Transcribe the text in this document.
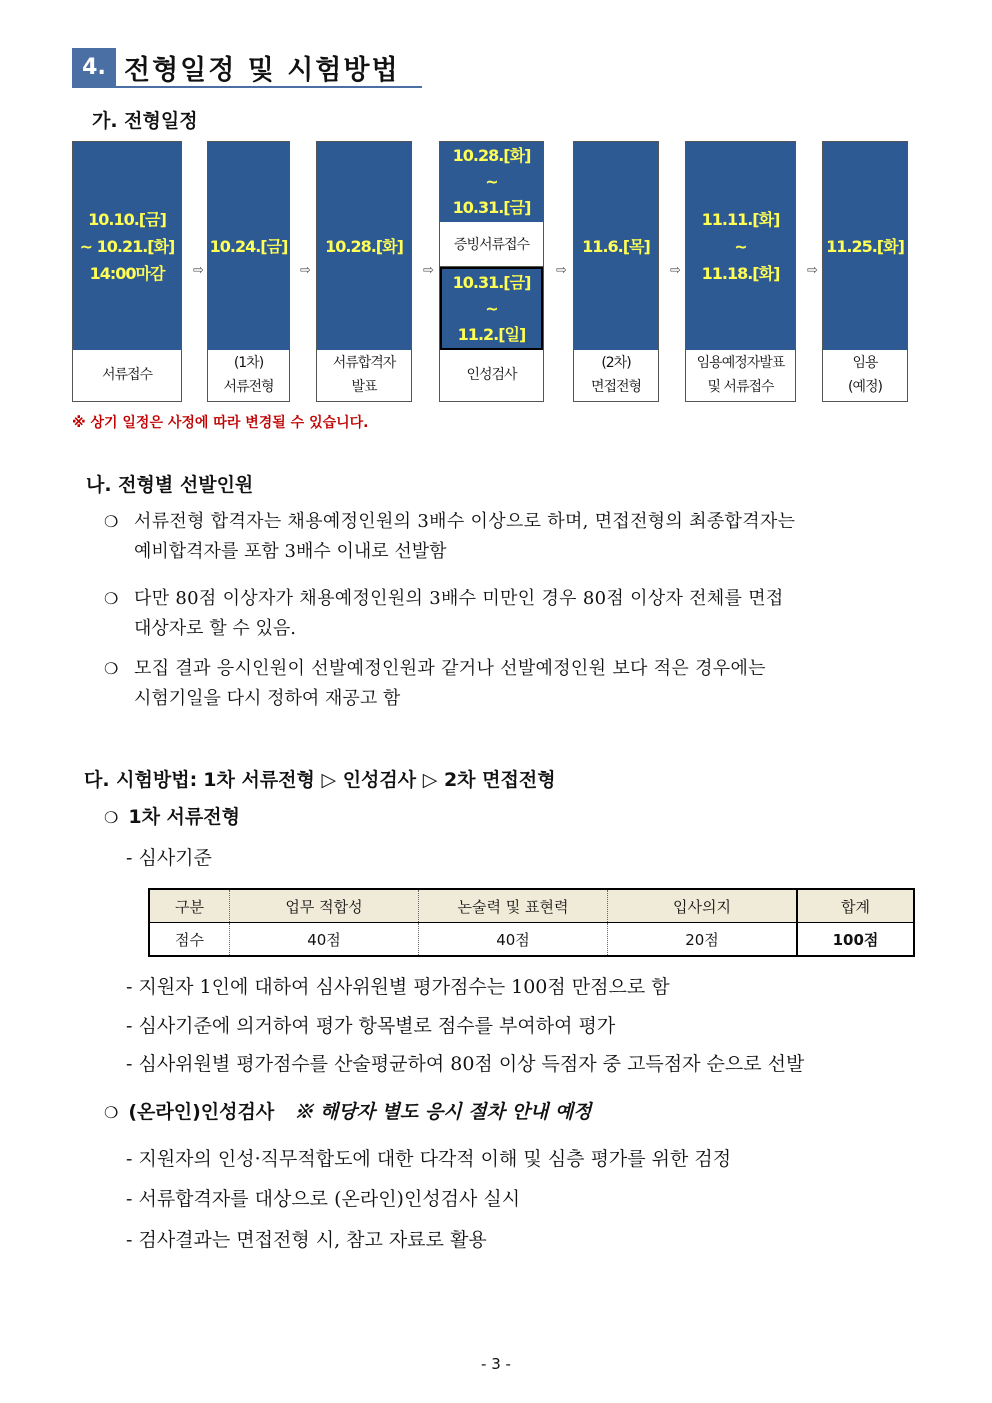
4. 전형일정 및 시험방법
가. 전형일정
10.10.[금]
~ 10.21.[화]
14:00마감
서류접수
⇨
10.24.[금]
(1차)
서류전형
⇨
10.28.[화]
서류합격자
발표
⇨
10.28.[화]
~
10.31.[금]
증빙서류접수
10.31.[금]
~
11.2.[일]
인성검사
⇨
11.6.[목]
(2차)
면접전형
⇨
11.11.[화]
~
11.18.[화]
임용예정자발표
및 서류접수
⇨
11.25.[화]
임용
(예정)
※ 상기 일정은 사정에 따라 변경될 수 있습니다.
나. 전형별 선발인원
❍ 서류전형 합격자는 채용예정인원의 3배수 이상으로 하며, 면접전형의 최종합격자는
예비합격자를 포함 3배수 이내로 선발함
❍ 다만 80점 이상자가 채용예정인원의 3배수 미만인 경우 80점 이상자 전체를 면접
대상자로 할 수 있음.
❍ 모집 결과 응시인원이 선발예정인원과 같거나 선발예정인원 보다 적은 경우에는
시험기일을 다시 정하여 재공고 함
다. 시험방법: 1차 서류전형 ▷ 인성검사 ▷ 2차 면접전형
❍ 1차 서류전형
- 심사기준
구분	업무 적합성	논술력 및 표현력	입사의지	합계
점수	40점	40점	20점	100점
- 지원자 1인에 대하여 심사위원별 평가점수는 100점 만점으로 함
- 심사기준에 의거하여 평가 항목별로 점수를 부여하여 평가
- 심사위원별 평가점수를 산술평균하여 80점 이상 득점자 중 고득점자 순으로 선발
❍ (온라인)인성검사 ※ 해당자 별도 응시 절차 안내 예정
- 지원자의 인성·직무적합도에 대한 다각적 이해 및 심층 평가를 위한 검정
- 서류합격자를 대상으로 (온라인)인성검사 실시
- 검사결과는 면접전형 시, 참고 자료로 활용
- 3 -
